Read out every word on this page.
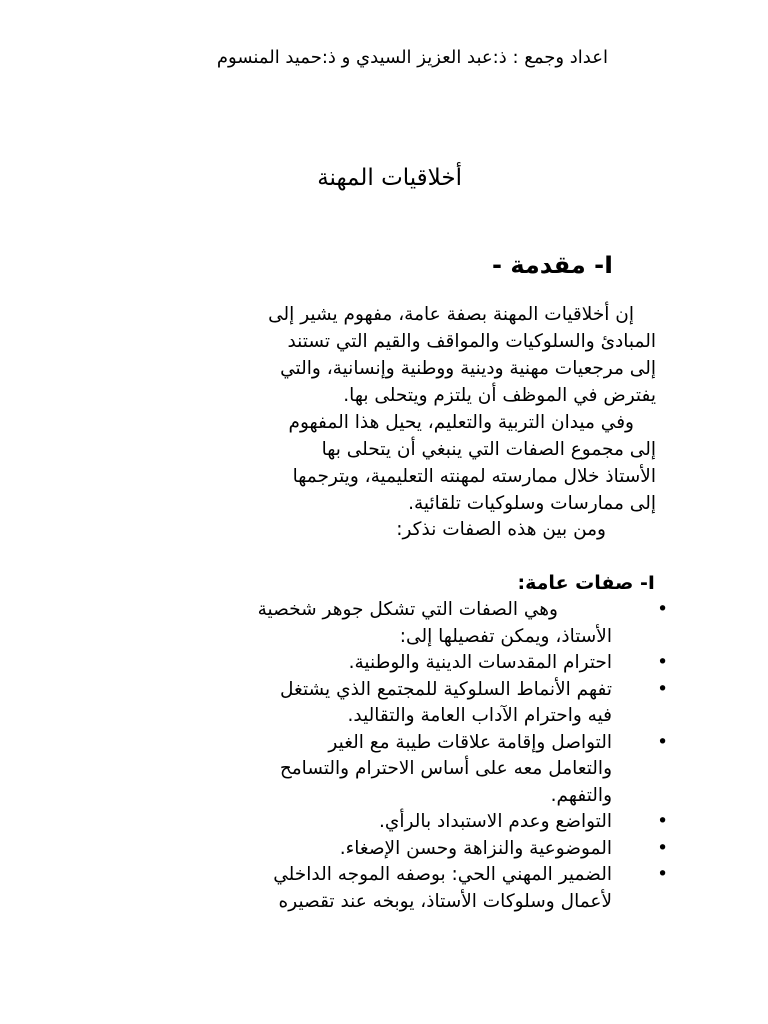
اعداد وجمع : ذ:عبد العزيز السيدي و ذ:حميد المنسوم
أخلاقيات المهنة
I- مقدمة -
إن أخلاقيات المهنة بصفة عامة، مفهوم يشير إلى
المبادئ والسلوكيات والمواقف والقيم التي تستند
إلى مرجعيات مهنية ودينية ووطنية وإنسانية، والتي
يفترض في الموظف أن يلتزم ويتحلى بها.
وفي ميدان التربية والتعليم، يحيل هذا المفهوم
إلى مجموع الصفات التي ينبغي أن يتحلى بها
الأستاذ خلال ممارسته لمهنته التعليمية، ويترجمها
إلى ممارسات وسلوكيات تلقائية.
ومن بين هذه الصفات نذكر:
I- صفات عامة:
•
وهي الصفات التي تشكل جوهر شخصية
الأستاذ، ويمكن تفصيلها إلى:
•
احترام المقدسات الدينية والوطنية.
•
تفهم الأنماط السلوكية للمجتمع الذي يشتغل
فيه واحترام الآداب العامة والتقاليد.
•
التواصل وإقامة علاقات طيبة مع الغير
والتعامل معه على أساس الاحترام والتسامح
والتفهم.
•
التواضع وعدم الاستبداد بالرأي.
•
الموضوعية والنزاهة وحسن الإصغاء.
•
الضمير المهني الحي: بوصفه الموجه الداخلي
لأعمال وسلوكات الأستاذ، يوبخه عند تقصيره
